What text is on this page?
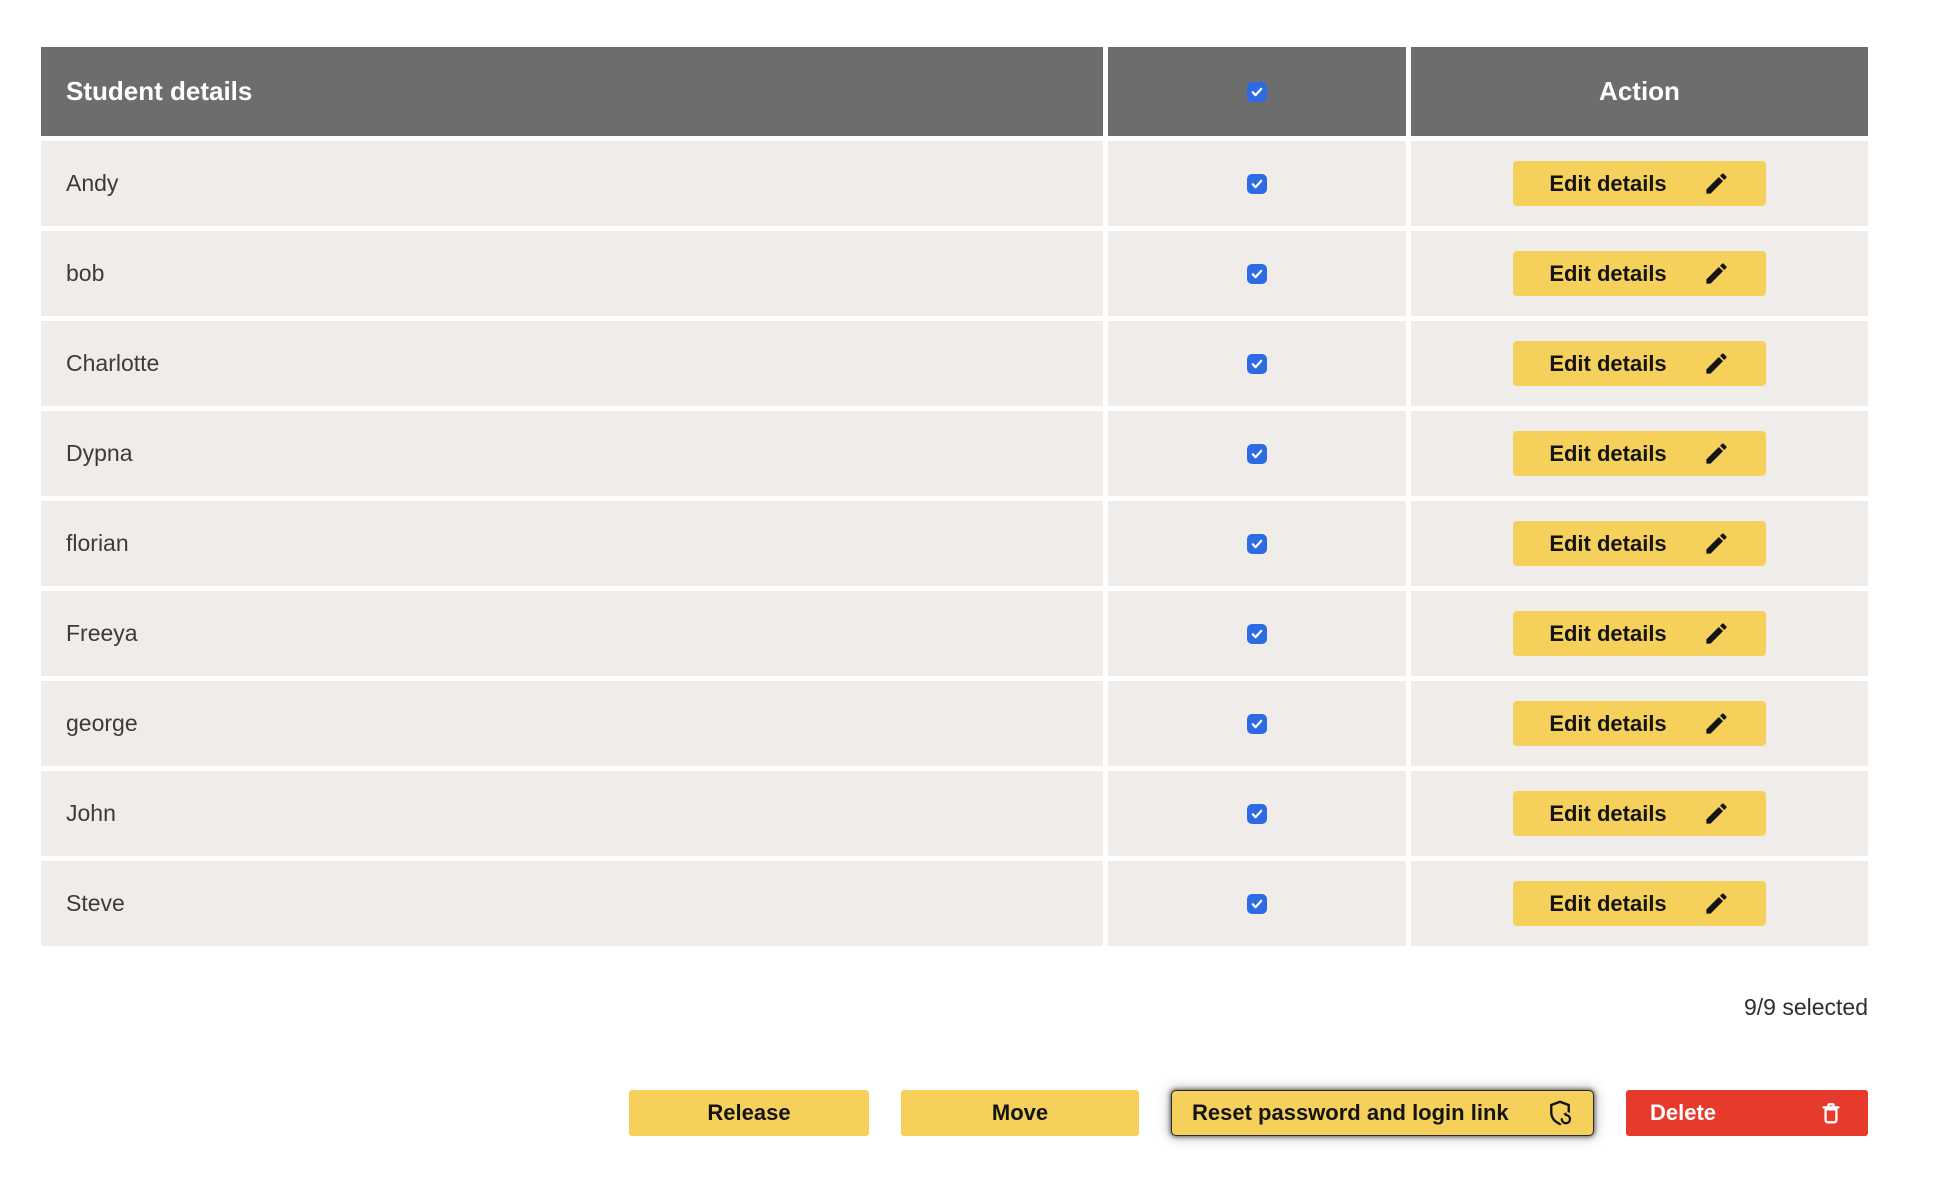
Student details	Action
Andy	Edit details
bob	Edit details
Charlotte	Edit details
Dypna	Edit details
florian	Edit details
Freeya	Edit details
george	Edit details
John	Edit details
Steve	Edit details
9/9 selected
Release	Move	Reset password and login link	Delete
